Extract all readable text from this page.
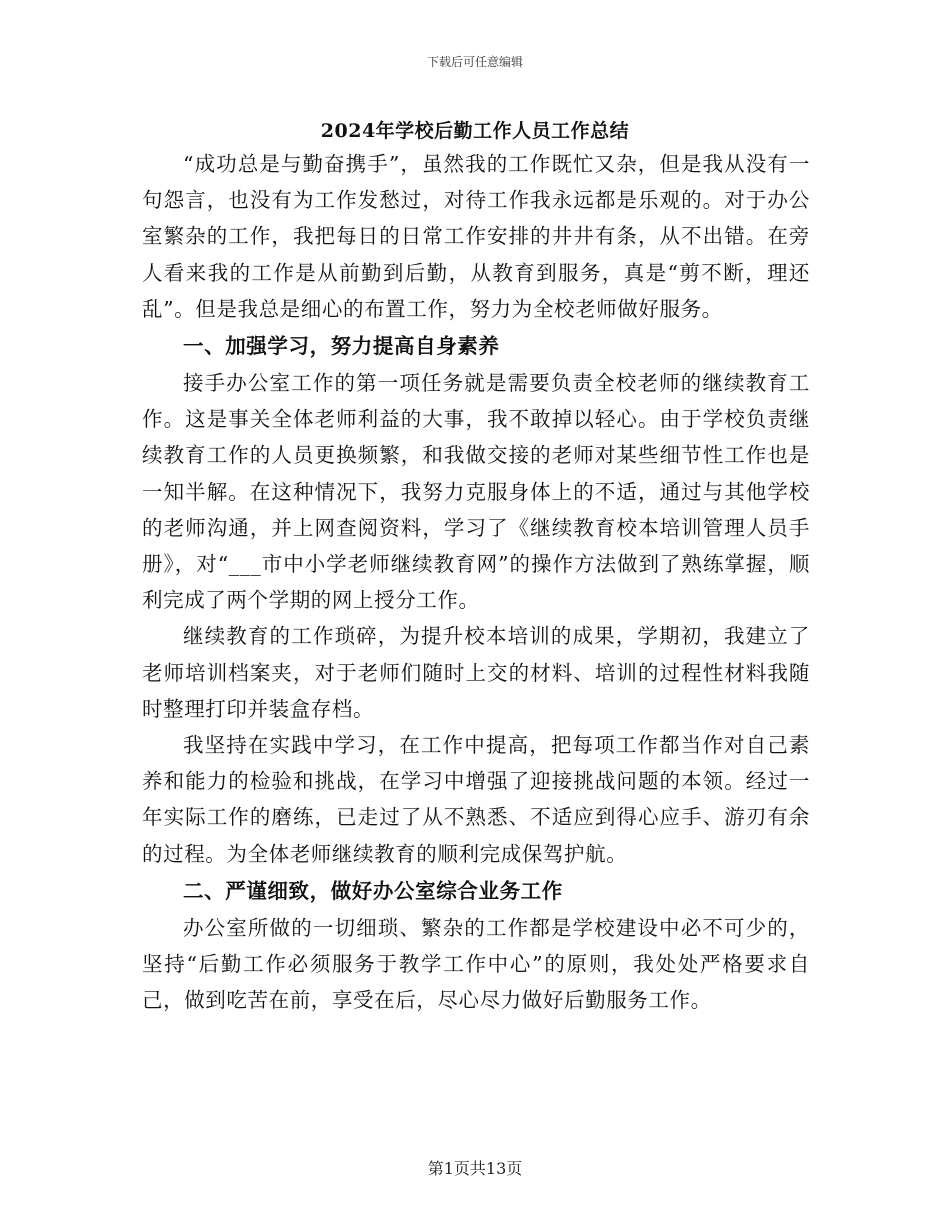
下载后可任意编辑
2024年学校后勤工作人员工作总结

“成功总是与勤奋携手”，虽然我的工作既忙又杂，但是我从没有一句怨言，也没有为工作发愁过，对待工作我永远都是乐观的。对于办公室繁杂的工作，我把每日的日常工作安排的井井有条，从不出错。在旁人看来我的工作是从前勤到后勤，从教育到服务，真是“剪不断，理还乱”。但是我总是细心的布置工作，努力为全校老师做好服务。

一、加强学习，努力提高自身素养

接手办公室工作的第一项任务就是需要负责全校老师的继续教育工作。这是事关全体老师利益的大事，我不敢掉以轻心。由于学校负责继续教育工作的人员更换频繁，和我做交接的老师对某些细节性工作也是一知半解。在这种情况下，我努力克服身体上的不适，通过与其他学校的老师沟通，并上网查阅资料，学习了《继续教育校本培训管理人员手册》，对“___市中小学老师继续教育网”的操作方法做到了熟练掌握，顺利完成了两个学期的网上授分工作。

继续教育的工作琐碎，为提升校本培训的成果，学期初，我建立了老师培训档案夹，对于老师们随时上交的材料、培训的过程性材料我随时整理打印并装盒存档。

我坚持在实践中学习，在工作中提高，把每项工作都当作对自己素养和能力的检验和挑战，在学习中增强了迎接挑战问题的本领。经过一年实际工作的磨练，已走过了从不熟悉、不适应到得心应手、游刃有余的过程。为全体老师继续教育的顺利完成保驾护航。

二、严谨细致，做好办公室综合业务工作

办公室所做的一切细琐、繁杂的工作都是学校建设中必不可少的，坚持“后勤工作必须服务于教学工作中心”的原则，我处处严格要求自己，做到吃苦在前，享受在后，尽心尽力做好后勤服务工作。

第1页共13页
